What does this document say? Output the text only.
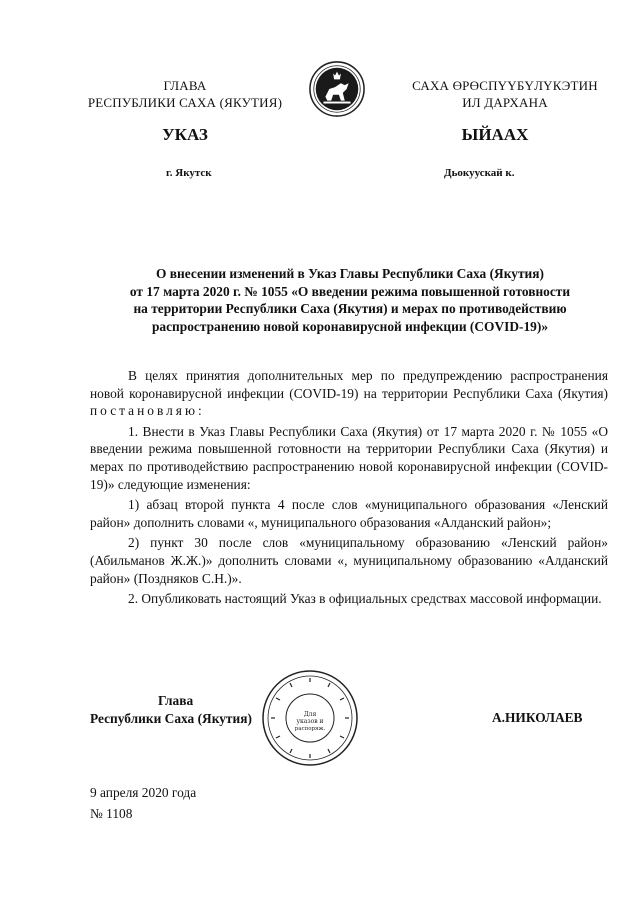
ГЛАВА
РЕСПУБЛИКИ САХА (ЯКУТИЯ)
САХА ӨРӨСПҮҮБҮЛҮКЭТИН
ИЛ ДАРХАНА
УКАЗ	ЫЙААХ
г. Якутск	Дьокуускай к.
О внесении изменений в Указ Главы Республики Саха (Якутия)
от 17 марта 2020 г. № 1055 «О введении режима повышенной готовности
на территории Республики Саха (Якутия) и мерах по противодействию
распространению новой коронавирусной инфекции (COVID-19)»

В целях принятия дополнительных мер по предупреждению распространения новой коронавирусной инфекции (COVID-19) на территории Республики Саха (Якутия) постановляю:

1. Внести в Указ Главы Республики Саха (Якутия) от 17 марта 2020 г. № 1055 «О введении режима повышенной готовности на территории Республики Саха (Якутия) и мерах по противодействию распространению новой коронавирусной инфекции (COVID-19)» следующие изменения:

1) абзац второй пункта 4 после слов «муниципального образования «Ленский район» дополнить словами «, муниципального образования «Алданский район»;

2) пункт 30 после слов «муниципальному образованию «Ленский район» (Абильманов Ж.Ж.)» дополнить словами «, муниципальному образованию «Алданский район» (Поздняков С.Н.)».

2. Опубликовать настоящий Указ в официальных средствах массовой информации.

Глава
Республики Саха (Якутия)	Для
указов и
распоряж.
А.НИКОЛАЕВ
9 апреля 2020 года
№ 1108
